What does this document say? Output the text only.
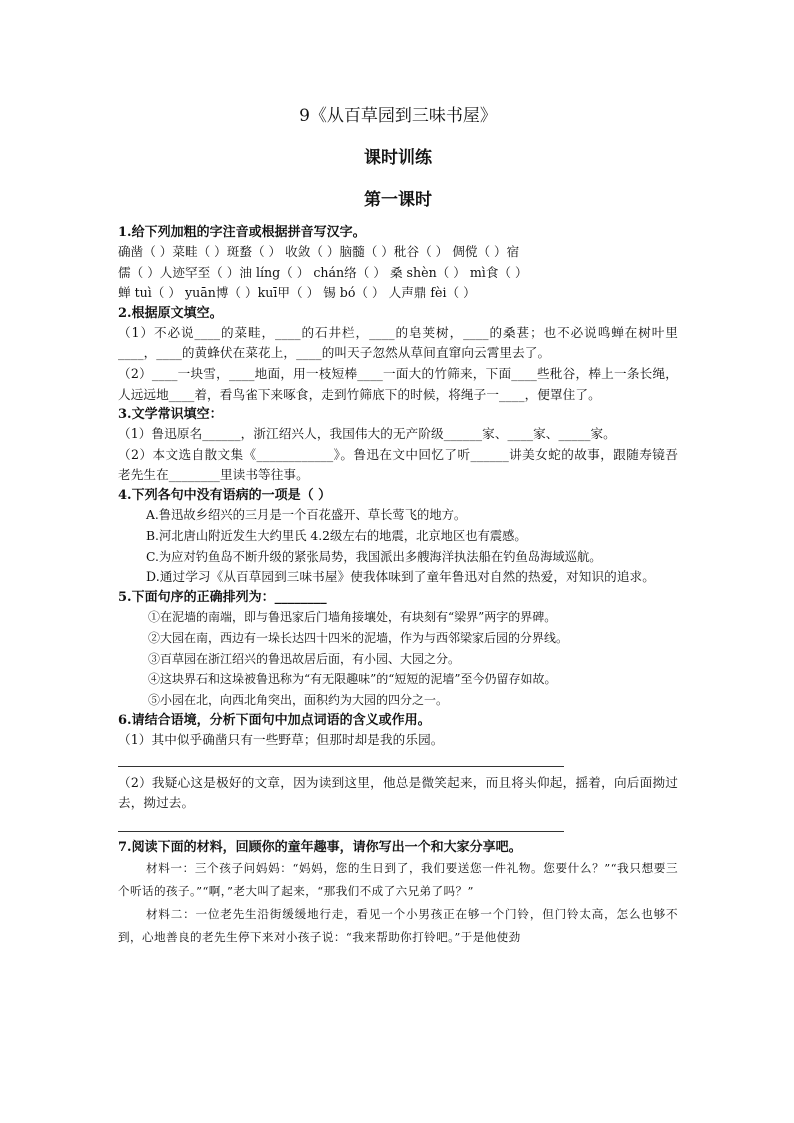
9《从百草园到三味书屋》

课时训练

第一课时

1.给下列加粗的字注音或根据拼音写汉字。

确凿（ ）菜畦（ ）斑蝥（ ） 收敛（ ）脑髓（ ）秕谷（ ） 倜傥（ ）宿

儒（ ）人迹罕至（ ）油 líng（ ） chán络（ ） 桑 shèn（ ） mì食（ ）

蝉 tuì（ ） yuān博（ ）kuī甲（ ） 锡 bó（ ） 人声鼎 fèi（ ）

2.根据原文填空。

（1）不必说____的菜畦，____的石井栏，____的皂荚树，____的桑葚；也不必说鸣蝉在树叶里____，____的黄蜂伏在菜花上，____的叫天子忽然从草间直窜向云霄里去了。

（2）____一块雪，____地面，用一枝短棒____一面大的竹筛来，下面____些秕谷，棒上一条长绳，人远远地____着，看鸟雀下来啄食，走到竹筛底下的时候，将绳子一____，便罩住了。

3.文学常识填空：

（1）鲁迅原名______，浙江绍兴人，我国伟大的无产阶级______家、____家、_____家。

（2）本文选自散文集《____________》。鲁迅在文中回忆了听______讲美女蛇的故事，跟随寿镜吾老先生在________里读书等往事。

4.下列各句中没有语病的一项是（ ）

A.鲁迅故乡绍兴的三月是一个百花盛开、草长莺飞的地方。

B.河北唐山附近发生大约里氏 4.2级左右的地震，北京地区也有震感。

C.为应对钓鱼岛不断升级的紧张局势，我国派出多艘海洋执法船在钓鱼岛海域巡航。

D.通过学习《从百草园到三味书屋》使我体味到了童年鲁迅对自然的热爱，对知识的追求。

5.下面句序的正确排列为：________

①在泥墙的南端，即与鲁迅家后门墙角接壤处，有块刻有“梁界”两字的界碑。

②大园在南，西边有一垛长达四十四米的泥墙，作为与西邻梁家后园的分界线。

③百草园在浙江绍兴的鲁迅故居后面，有小园、大园之分。

④这块界石和这垛被鲁迅称为“有无限趣味”的“短短的泥墙”至今仍留存如故。

⑤小园在北，向西北角突出，面积约为大园的四分之一。

6.请结合语境，分析下面句中加点词语的含义或作用。

（1）其中似乎确凿只有一些野草；但那时却是我的乐园。

（2）我疑心这是极好的文章，因为读到这里，他总是微笑起来，而且将头仰起，摇着，向后面拗过去，拗过去。

7.阅读下面的材料，回顾你的童年趣事，请你写出一个和大家分享吧。

材料一：三个孩子问妈妈：“妈妈，您的生日到了，我们要送您一件礼物。您要什么？”“我只想要三个听话的孩子。”“啊，”老大叫了起来，“那我们不成了六兄弟了吗？”

材料二：一位老先生沿街缓缓地行走，看见一个小男孩正在够一个门铃，但门铃太高，怎么也够不到，心地善良的老先生停下来对小孩子说：“我来帮助你打铃吧。”于是他使劲
